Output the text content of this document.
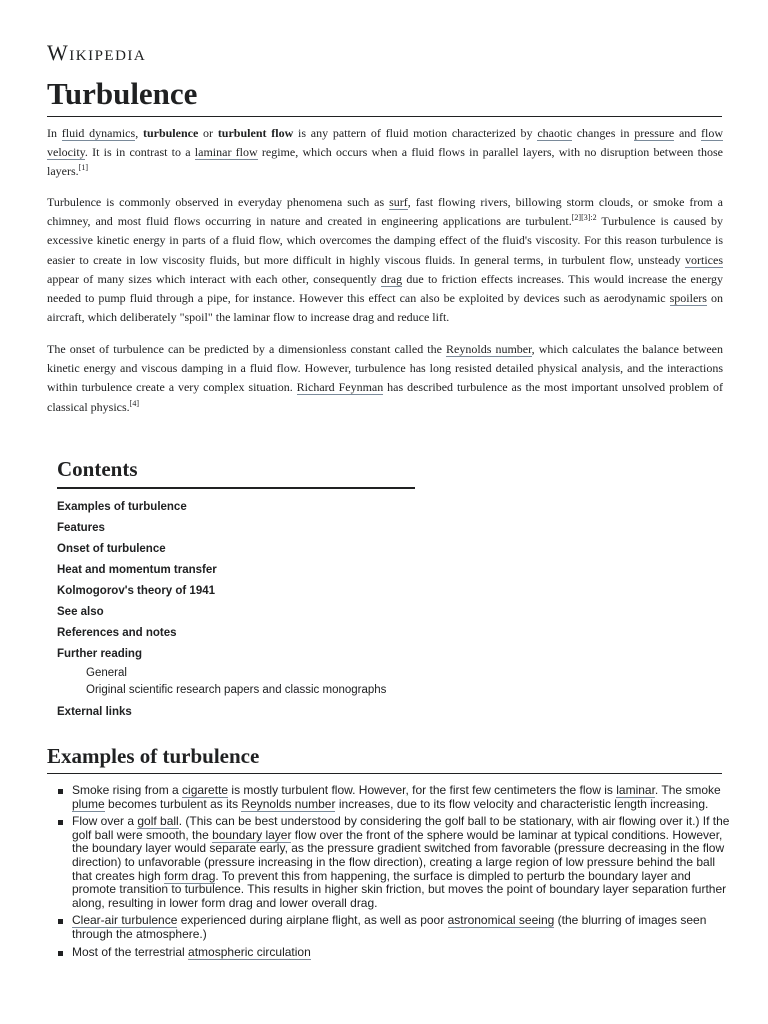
Wikipedia
Turbulence

In fluid dynamics, turbulence or turbulent flow is any pattern of fluid motion characterized by chaotic changes in pressure and flow velocity. It is in contrast to a laminar flow regime, which occurs when a fluid flows in parallel layers, with no disruption between those layers.[1]

Turbulence is commonly observed in everyday phenomena such as surf, fast flowing rivers, billowing storm clouds, or smoke from a chimney, and most fluid flows occurring in nature and created in engineering applications are turbulent.$^{[2][3]:2}$ Turbulence is caused by excessive kinetic energy in parts of a fluid flow, which overcomes the damping effect of the fluid's viscosity. For this reason turbulence is easier to create in low viscosity fluids, but more difficult in highly viscous fluids. In general terms, in turbulent flow, unsteady vortices appear of many sizes which interact with each other, consequently drag due to friction effects increases. This would increase the energy needed to pump fluid through a pipe, for instance. However this effect can also be exploited by devices such as aerodynamic spoilers on aircraft, which deliberately "spoil" the laminar flow to increase drag and reduce lift.

The onset of turbulence can be predicted by a dimensionless constant called the Reynolds number, which calculates the balance between kinetic energy and viscous damping in a fluid flow. However, turbulence has long resisted detailed physical analysis, and the interactions within turbulence create a very complex situation. Richard Feynman has described turbulence as the most important unsolved problem of classical physics.[4]

Contents
Examples of turbulence
Features
Onset of turbulence
Heat and momentum transfer
Kolmogorov's theory of 1941
See also
References and notes
Further reading
General
Original scientific research papers and classic monographs
External links
Examples of turbulence
Smoke rising from a cigarette is mostly turbulent flow. However, for the first few centimeters the flow is laminar. The smoke plume becomes turbulent as its Reynolds number increases, due to its flow velocity and characteristic length increasing.
Flow over a golf ball. (This can be best understood by considering the golf ball to be stationary, with air flowing over it.) If the golf ball were smooth, the boundary layer flow over the front of the sphere would be laminar at typical conditions. However, the boundary layer would separate early, as the pressure gradient switched from favorable (pressure decreasing in the flow direction) to unfavorable (pressure increasing in the flow direction), creating a large region of low pressure behind the ball that creates high form drag. To prevent this from happening, the surface is dimpled to perturb the boundary layer and promote transition to turbulence. This results in higher skin friction, but moves the point of boundary layer separation further along, resulting in lower form drag and lower overall drag.
Clear-air turbulence experienced during airplane flight, as well as poor astronomical seeing (the blurring of images seen through the atmosphere.)
Most of the terrestrial atmospheric circulation
